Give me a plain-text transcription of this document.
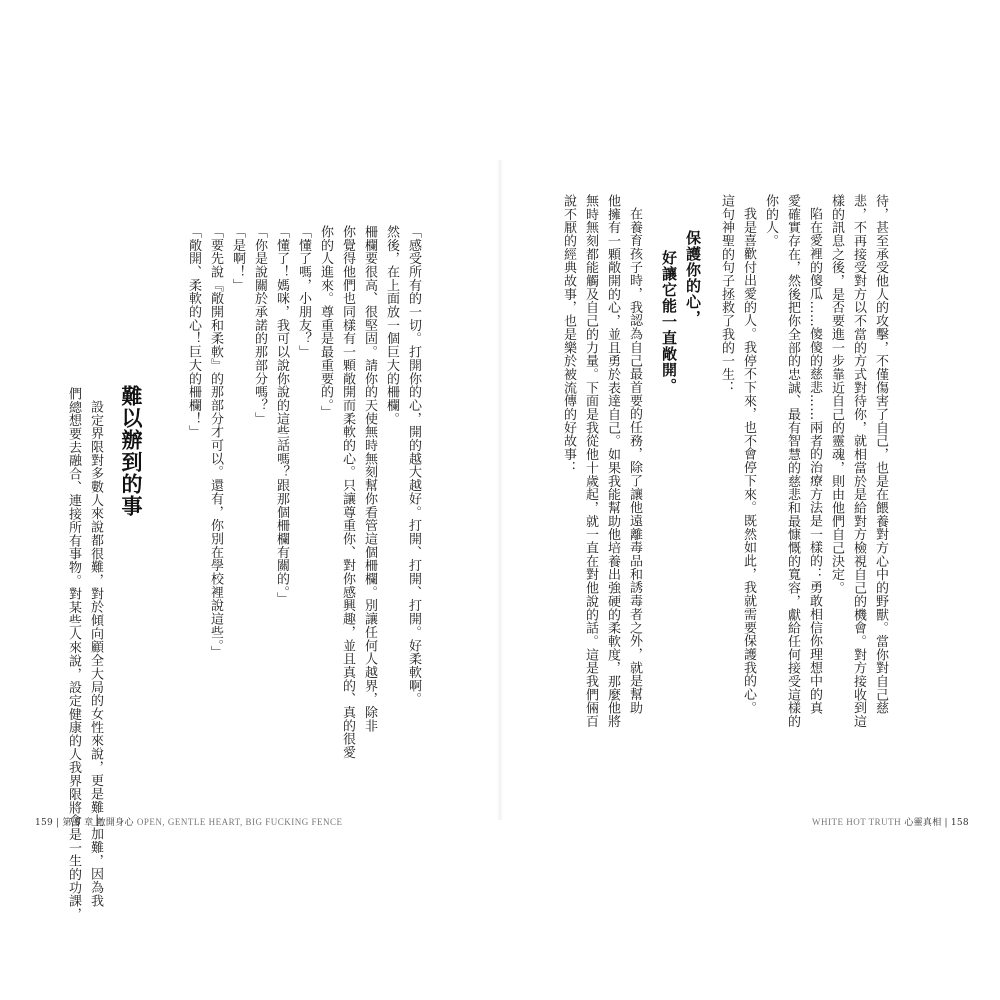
「感受所有的一切。打開你的心，開的越大越好。打開、打開、打開。好柔軟啊。
然後，在上面放一個巨大的柵欄。
柵欄要很高、很堅固。請你的天使無時無刻幫你看管這個柵欄。別讓任何人越界，除非
你覺得他們也同樣有一顆敞開而柔軟的心。只讓尊重你、對你感興趣，並且真的、真的很愛
你的人進來。尊重是最重要的。」
「懂了嗎，小朋友？」
「懂了！媽咪，我可以說你說的這些話嗎？跟那個柵欄有關的。」
「你是說關於承諾的那部分嗎？」
「是啊！」
「要先說『敞開和柔軟』的那部分才可以。還有，你別在學校裡說這些。」
「敞開、柔軟的心！巨大的柵欄！」
難以辦到的事
設定界限對多數人來說都很難，對於傾向顧全大局的女性來說，更是難上加難，因為我
們總想要去融合、連接所有事物。對某些人來說，設定健康的人我界限將會是一生的功課，
159 | 第 8 章 敞開身心 OPEN, GENTLE HEART, BIG FUCKING FENCE
待，甚至承受他人的攻擊，不僅傷害了自己，也是在餵養對方心中的野獸。當你對自己慈
悲，不再接受對方以不當的方式對待你，就相當於是給對方檢視自己的機會。對方接收到這
樣的訊息之後，是否要進一步靠近自己的靈魂，則由他們自己決定。
陷在愛裡的傻瓜……傻傻的慈悲……兩者的治療方法是一樣的：勇敢相信你理想中的真
愛確實存在，然後把你全部的忠誠、最有智慧的慈悲和最慷慨的寬容，獻給任何接受這樣的
你的人。
我是喜歡付出愛的人。我停不下來，也不會停下來。既然如此，我就需要保護我的心。
這句神聖的句子拯救了我的一生：
保護你的心，
好讓它能一直敞開。
在養育孩子時，我認為自己最首要的任務，除了讓他遠離毒品和誘毒者之外，就是幫助
他擁有一顆敞開的心，並且勇於表達自己。如果我能幫助他培養出強硬的柔軟度，那麼他將
無時無刻都能觸及自己的力量。下面是我從他十歲起，就一直在對他說的話。這是我們倆百
說不厭的經典故事，也是樂於被流傳的好故事：
WHITE HOT TRUTH 心靈真相 | 158
